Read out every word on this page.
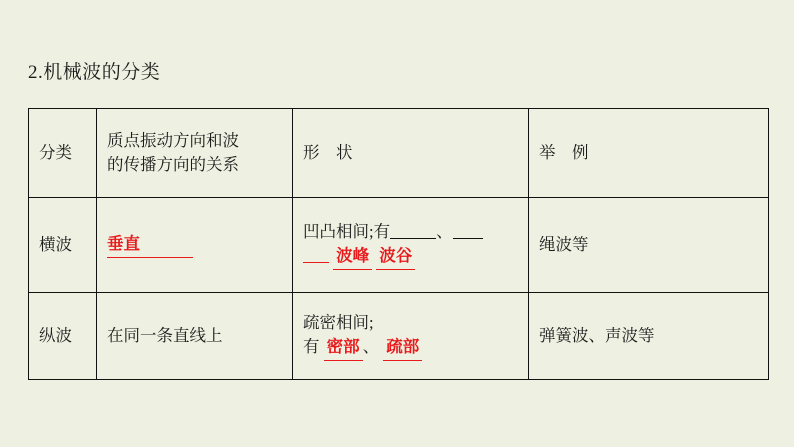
2.机械波的分类
分类	质点振动方向和波
的传播方向的关系	形　状	举　例
横波	垂直	凹凸相间;有 、
波峰 波谷	绳波等
纵波	在同一条直线上	疏密相间;
有 密部 、 疏部	弹簧波、声波等
